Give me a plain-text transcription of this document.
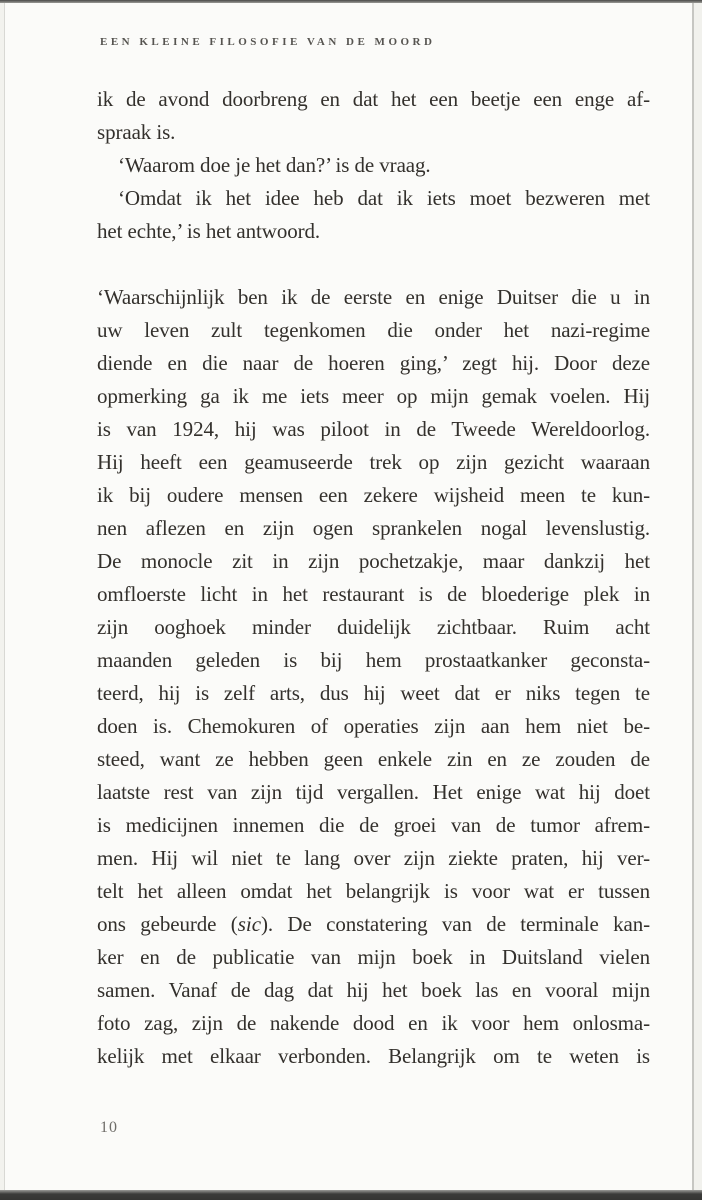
EEN KLEINE FILOSOFIE VAN DE MOORD
ik de avond doorbreng en dat het een beetje een enge af-
spraak is.
‘Waarom doe je het dan?’ is de vraag.
‘Omdat ik het idee heb dat ik iets moet bezweren met
het echte,’ is het antwoord.
‘Waarschijnlijk ben ik de eerste en enige Duitser die u in
uw leven zult tegenkomen die onder het nazi-regime
diende en die naar de hoeren ging,’ zegt hij. Door deze
opmerking ga ik me iets meer op mijn gemak voelen. Hij
is van 1924, hij was piloot in de Tweede Wereldoorlog.
Hij heeft een geamuseerde trek op zijn gezicht waaraan
ik bij oudere mensen een zekere wijsheid meen te kun-
nen aflezen en zijn ogen sprankelen nogal levenslustig.
De monocle zit in zijn pochetzakje, maar dankzij het
omfloerste licht in het restaurant is de bloederige plek in
zijn ooghoek minder duidelijk zichtbaar. Ruim acht
maanden geleden is bij hem prostaatkanker geconsta-
teerd, hij is zelf arts, dus hij weet dat er niks tegen te
doen is. Chemokuren of operaties zijn aan hem niet be-
steed, want ze hebben geen enkele zin en ze zouden de
laatste rest van zijn tijd vergallen. Het enige wat hij doet
is medicijnen innemen die de groei van de tumor afrem-
men. Hij wil niet te lang over zijn ziekte praten, hij ver-
telt het alleen omdat het belangrijk is voor wat er tussen
ons gebeurde (sic). De constatering van de terminale kan-
ker en de publicatie van mijn boek in Duitsland vielen
samen. Vanaf de dag dat hij het boek las en vooral mijn
foto zag, zijn de nakende dood en ik voor hem onlosma-
kelijk met elkaar verbonden. Belangrijk om te weten is
10
